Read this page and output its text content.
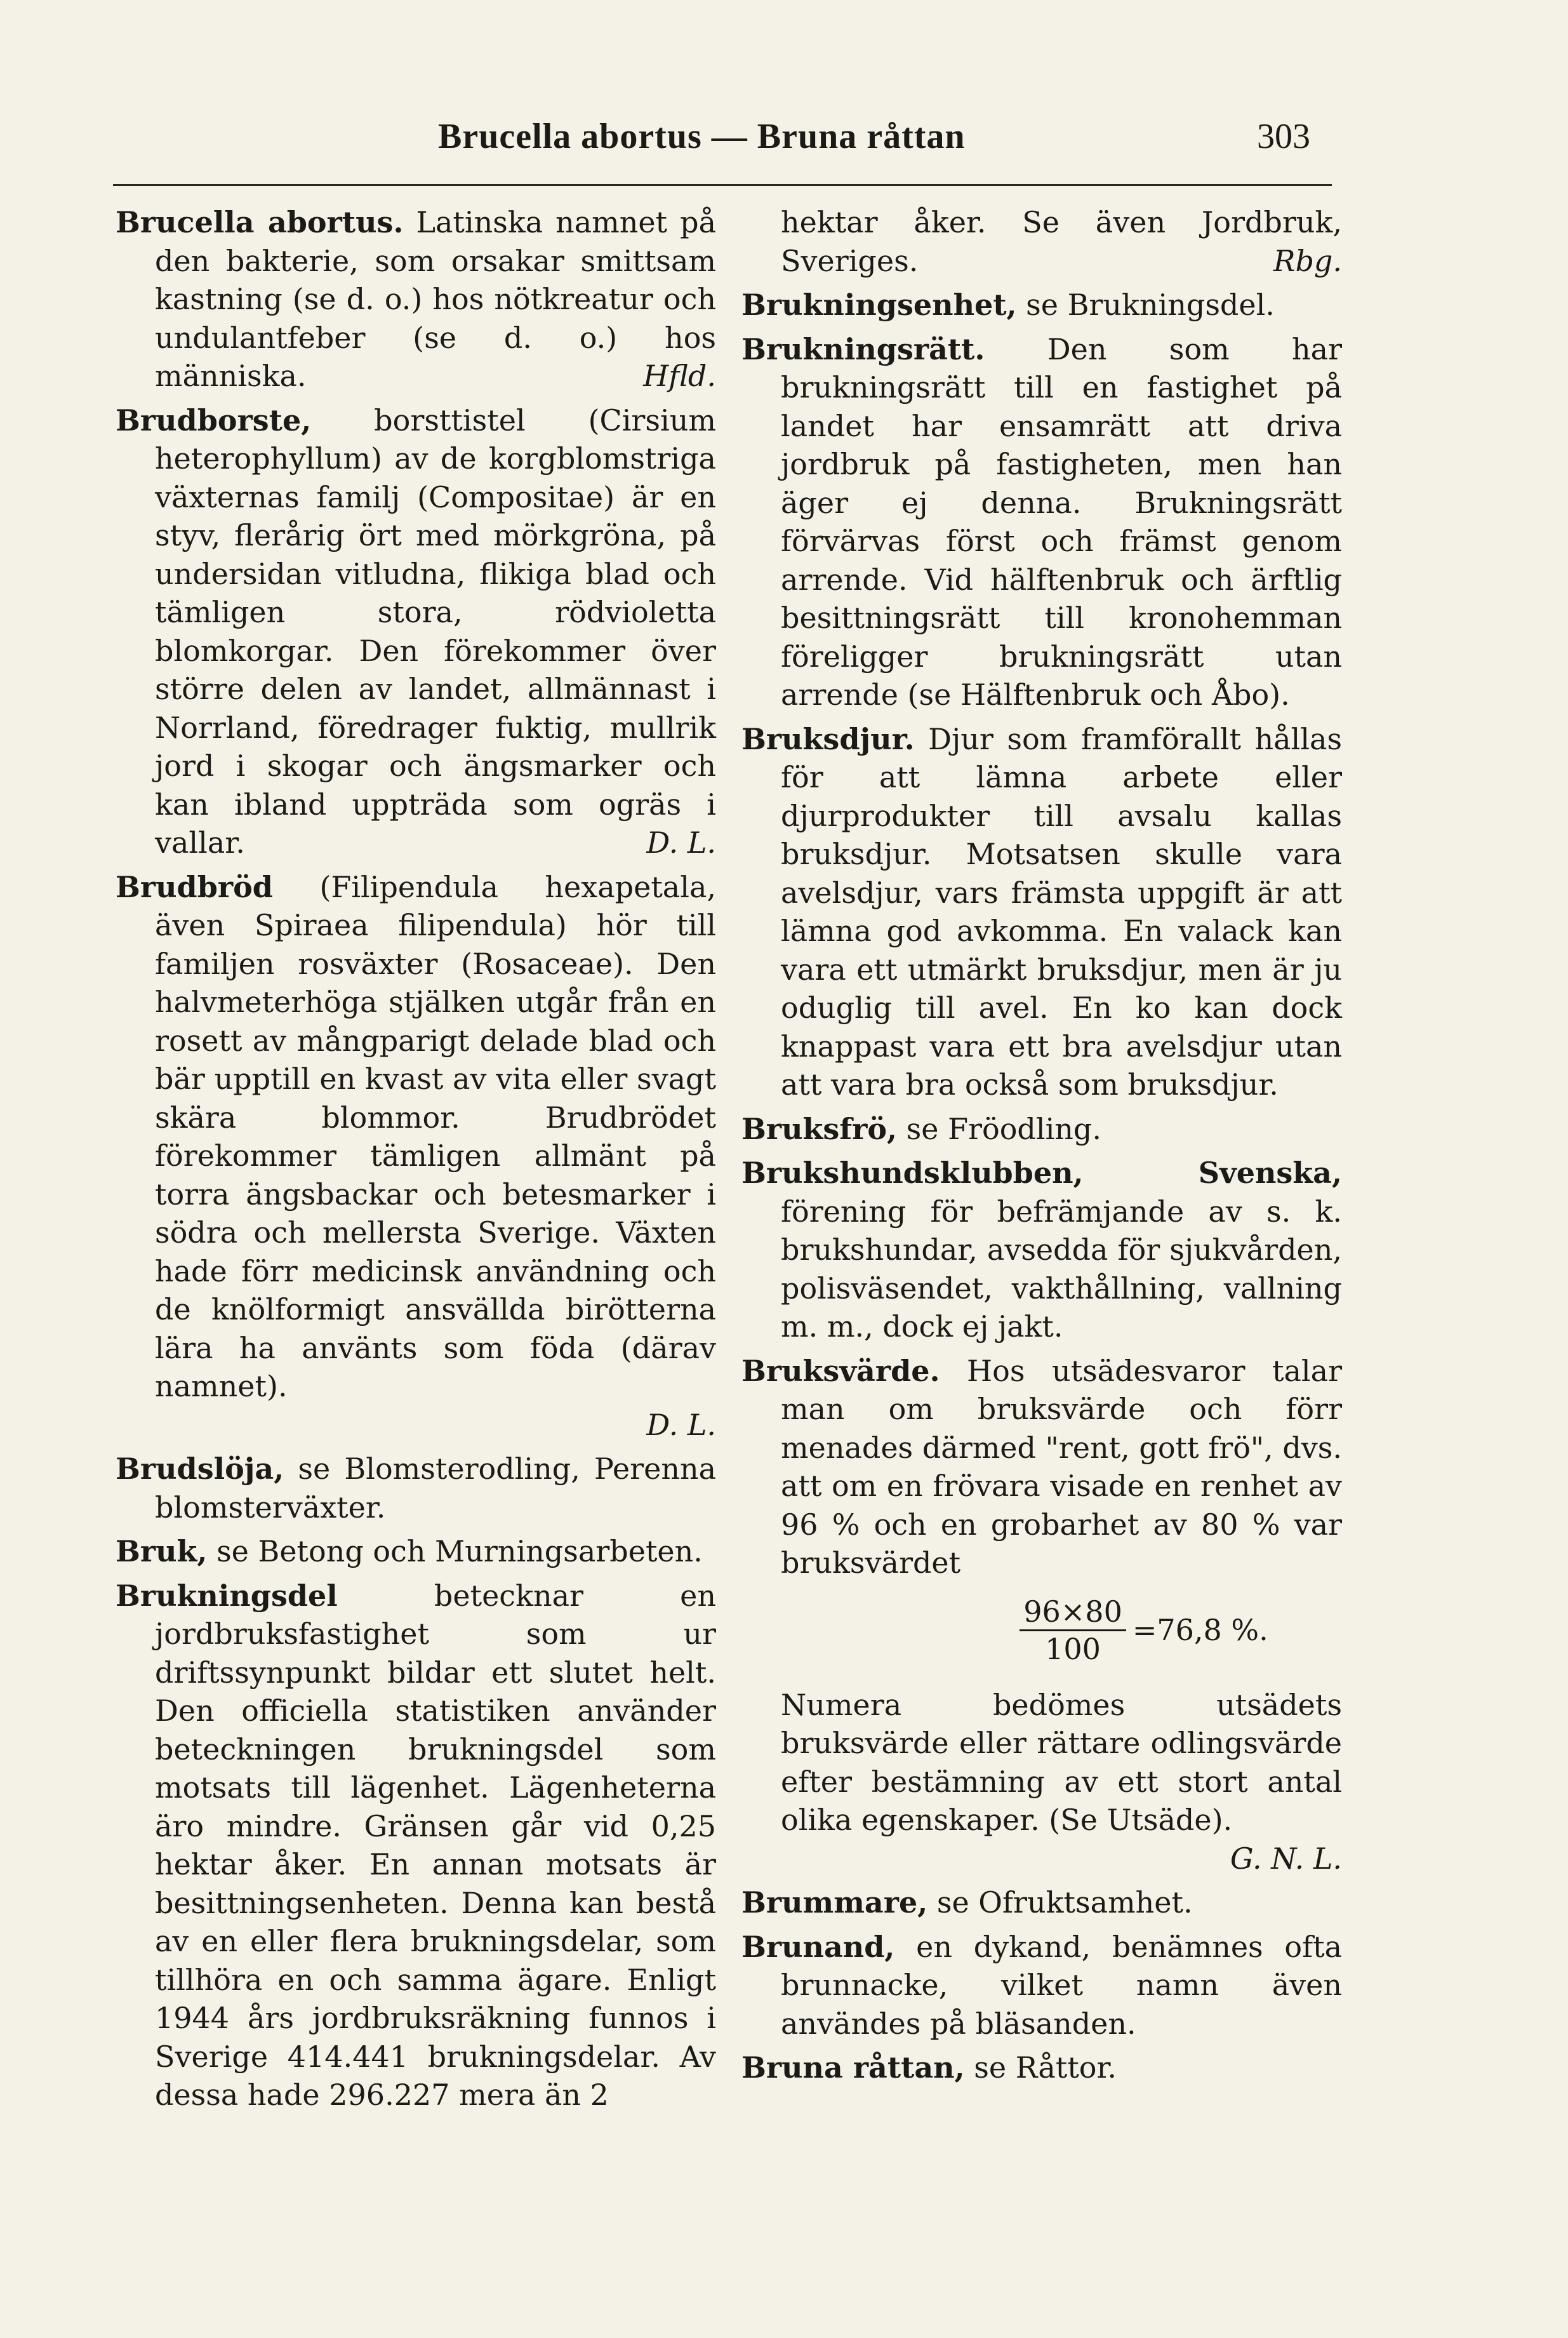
Brucella abortus — Bruna råttan	303

Brucella abortus. Latinska namnet på den bakterie, som orsakar smittsam kastning (se d. o.) hos nötkreatur och undulantfeber (se d. o.) hos människa.	Hfld.

Brudborste, borsttistel (Cirsium heterophyllum) av de korgblomstriga växternas familj (Compositae) är en styv, flerårig ört med mörkgröna, på undersidan vitludna, flikiga blad och tämligen stora, rödvioletta blomkorgar. Den förekommer över större delen av landet, allmännast i Norrland, föredrager fuktig, mullrik jord i skogar och ängsmarker och kan ibland uppträda som ogräs i vallar.	D. L.

Brudbröd (Filipendula hexapetala, även Spiraea filipendula) hör till familjen rosväxter (Rosaceae). Den halvmeterhöga stjälken utgår från en rosett av mångparigt delade blad och bär upptill en kvast av vita eller svagt skära blommor. Brudbrödet förekommer tämligen allmänt på torra ängsbackar och betesmarker i södra och mellersta Sverige. Växten hade förr medicinsk användning och de knölformigt ansvällda birötterna lära ha använts som föda (därav namnet).
D. L.

Brudslöja, se Blomsterodling, Perenna blomsterväxter.

Bruk, se Betong och Murningsarbeten.

Brukningsdel betecknar en jordbruksfastighet som ur driftssynpunkt bildar ett slutet helt. Den officiella statistiken använder beteckningen brukningsdel som motsats till lägenhet. Lägenheterna äro mindre. Gränsen går vid 0,25 hektar åker. En annan motsats är besittningsenheten. Denna kan bestå av en eller flera brukningsdelar, som tillhöra en och samma ägare. Enligt 1944 års jordbruksräkning funnos i Sverige 414.441 brukningsdelar. Av dessa hade 296.227 mera än 2

hektar åker. Se även Jordbruk, Sveriges.	Rbg.

Brukningsenhet, se Brukningsdel.

Brukningsrätt. Den som har brukningsrätt till en fastighet på landet har ensamrätt att driva jordbruk på fastigheten, men han äger ej denna. Brukningsrätt förvärvas först och främst genom arrende. Vid hälftenbruk och ärftlig besittningsrätt till kronohemman föreligger brukningsrätt utan arrende (se Hälftenbruk och Åbo).

Bruksdjur. Djur som framförallt hållas för att lämna arbete eller djurprodukter till avsalu kallas bruksdjur. Motsatsen skulle vara avelsdjur, vars främsta uppgift är att lämna god avkomma. En valack kan vara ett utmärkt bruksdjur, men är ju oduglig till avel. En ko kan dock knappast vara ett bra avelsdjur utan att vara bra också som bruksdjur.

Bruksfrö, se Fröodling.

Brukshundsklubben, Svenska, förening för befrämjande av s. k. brukshundar, avsedda för sjukvården, polisväsendet, vakthållning, vallning m. m., dock ej jakt.

Bruksvärde. Hos utsädesvaror talar man om bruksvärde och förr menades därmed "rent, gott frö", dvs. att om en frövara visade en renhet av 96 % och en grobarhet av 80 % var bruksvärdet
$\frac{96\times 80}{100} =76,8$ %.
Numera bedömes utsädets bruksvärde eller rättare odlingsvärde efter bestämning av ett stort antal olika egenskaper. (Se Utsäde).
G. N. L.

Brummare, se Ofruktsamhet.

Brunand, en dykand, benämnes ofta brunnacke, vilket namn även användes på bläsanden.

Bruna råttan, se Råttor.
